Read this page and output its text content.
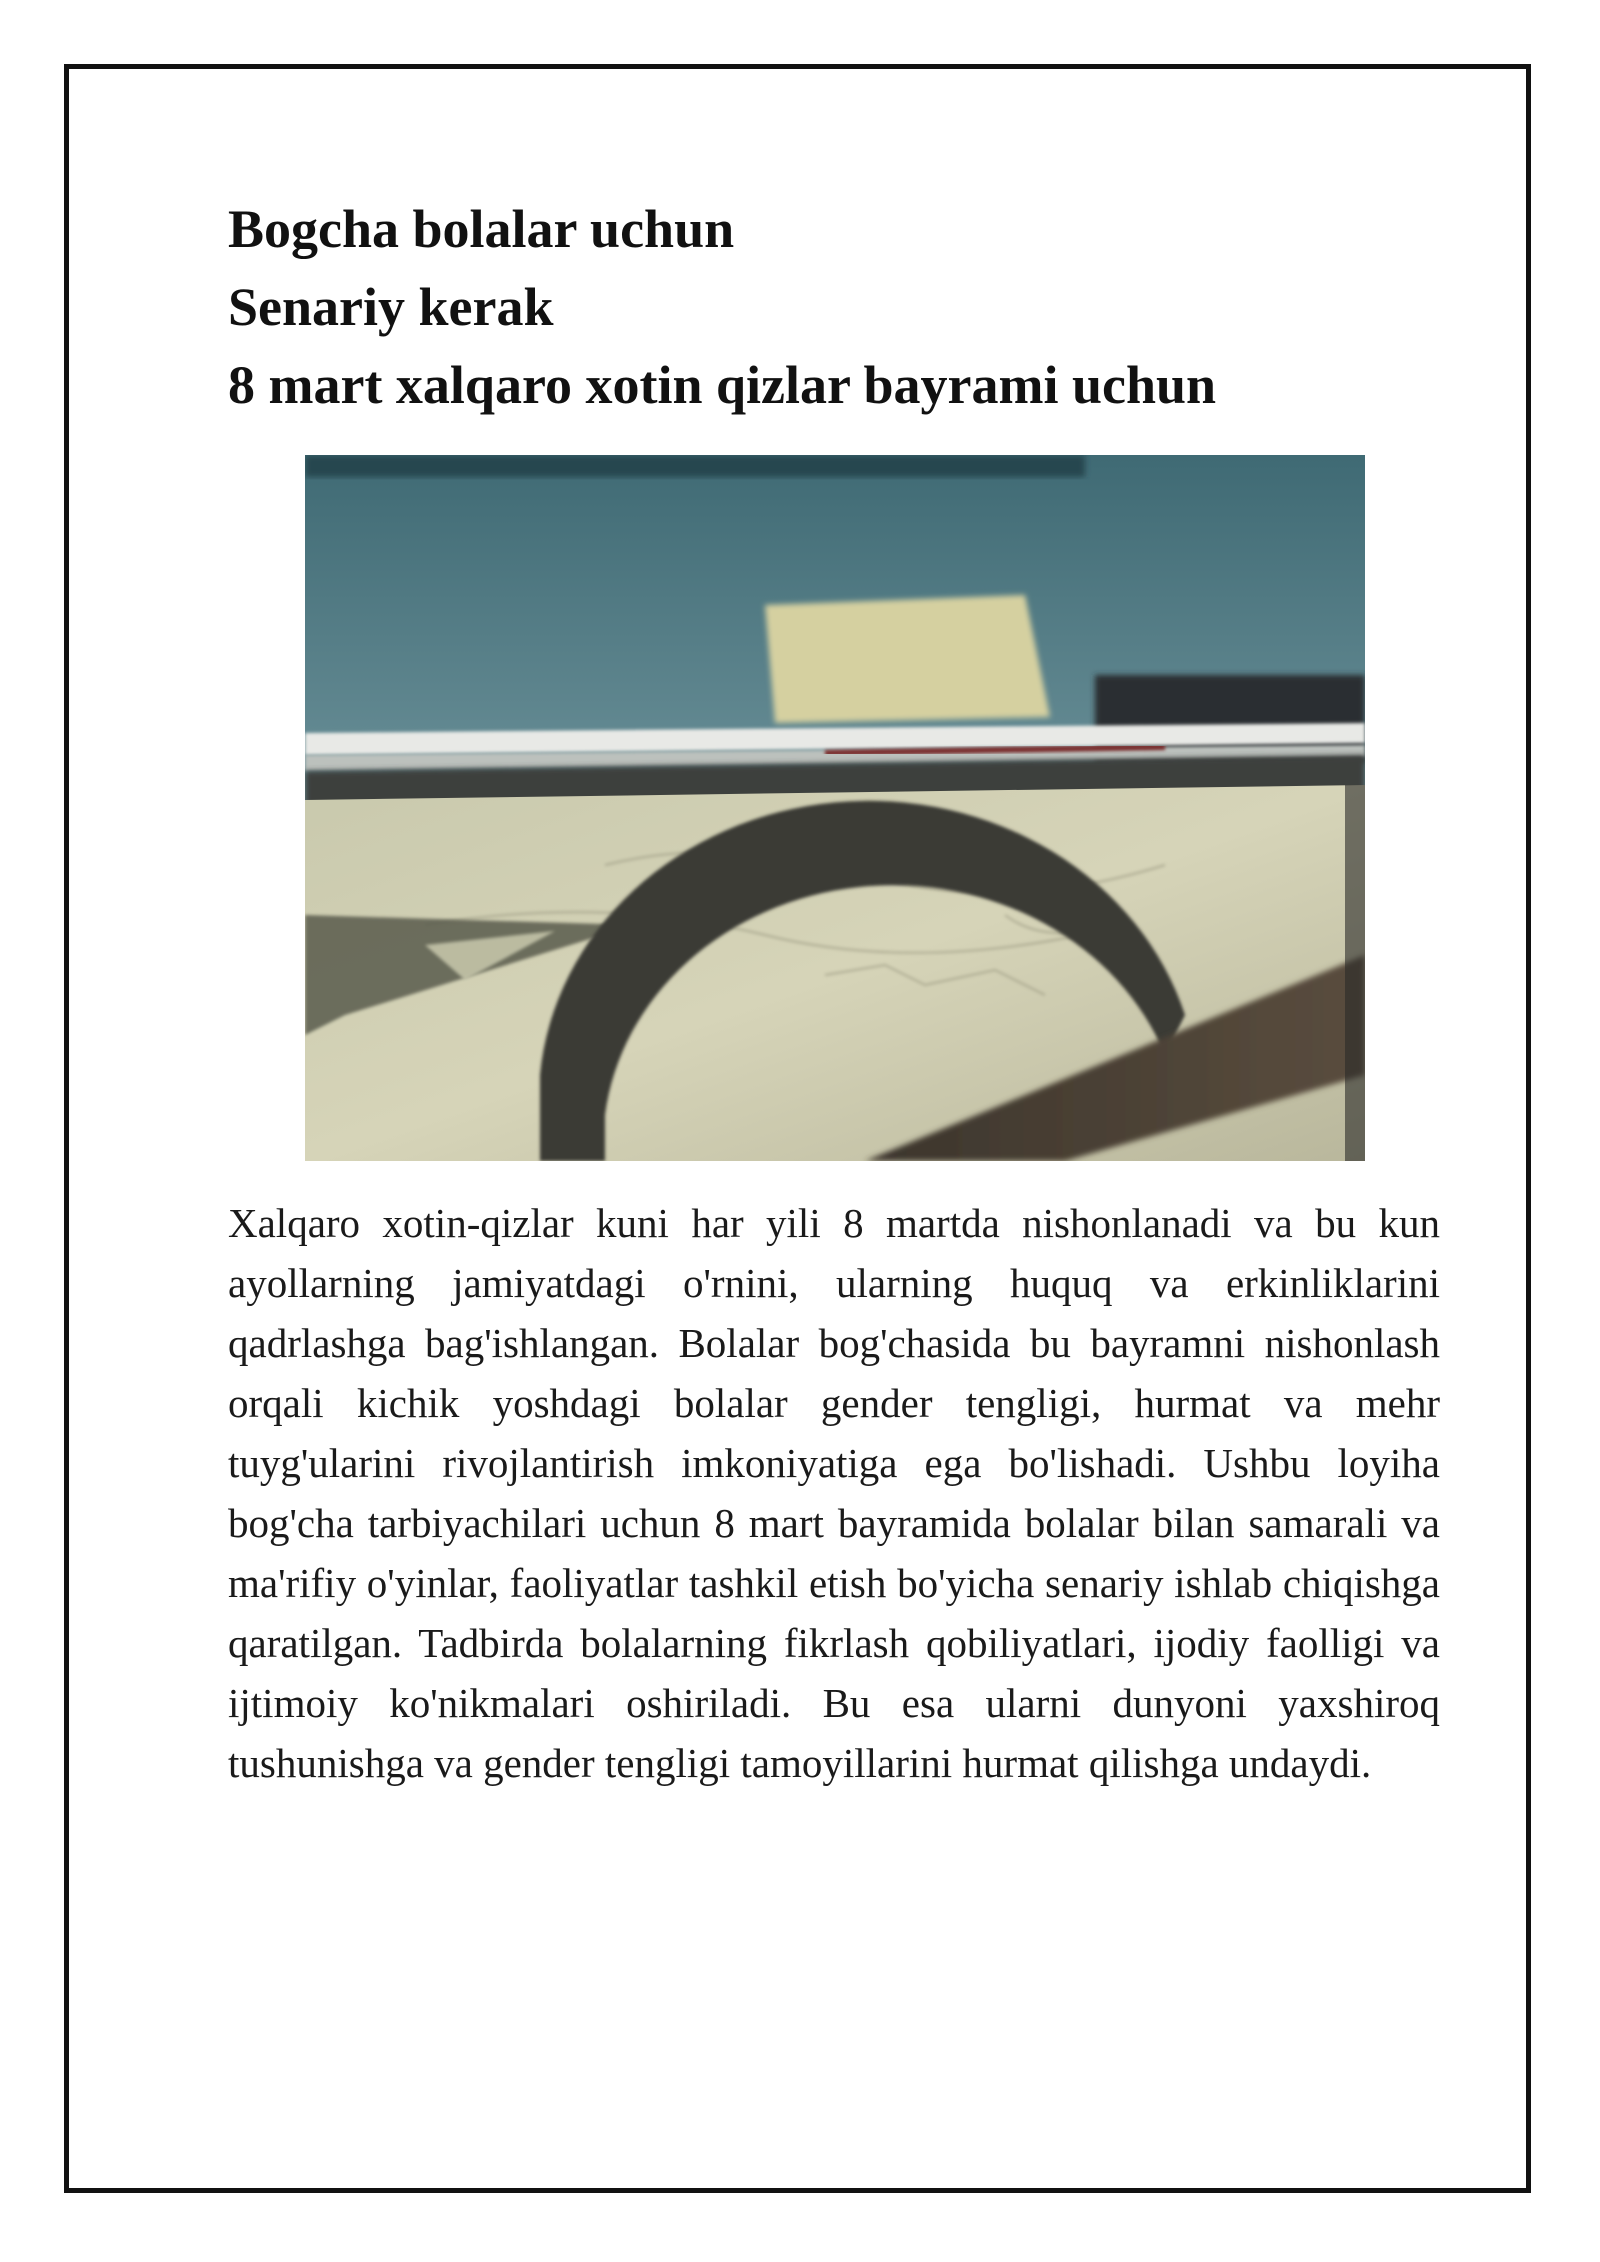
Bogcha bolalar uchun
Senariy kerak
8 mart xalqaro xotin qizlar bayrami uchun

Xalqaro xotin-qizlar kuni har yili 8 martda nishonlanadi va bu kun ayollarning jamiyatdagi o'rnini, ularning huquq va erkinliklarini qadrlashga bag'ishlangan. Bolalar bog'chasida bu bayramni nishonlash orqali kichik yoshdagi bolalar gender tengligi, hurmat va mehr tuyg'ularini rivojlantirish imkoniyatiga ega bo'lishadi. Ushbu loyiha bog'cha tarbiyachilari uchun 8 mart bayramida bolalar bilan samarali va ma'rifiy o'yinlar, faoliyatlar tashkil etish bo'yicha senariy ishlab chiqishga qaratilgan. Tadbirda bolalarning fikrlash qobiliyatlari, ijodiy faolligi va ijtimoiy ko'nikmalari oshiriladi. Bu esa ularni dunyoni yaxshiroq tushunishga va gender tengligi tamoyillarini hurmat qilishga undaydi.
